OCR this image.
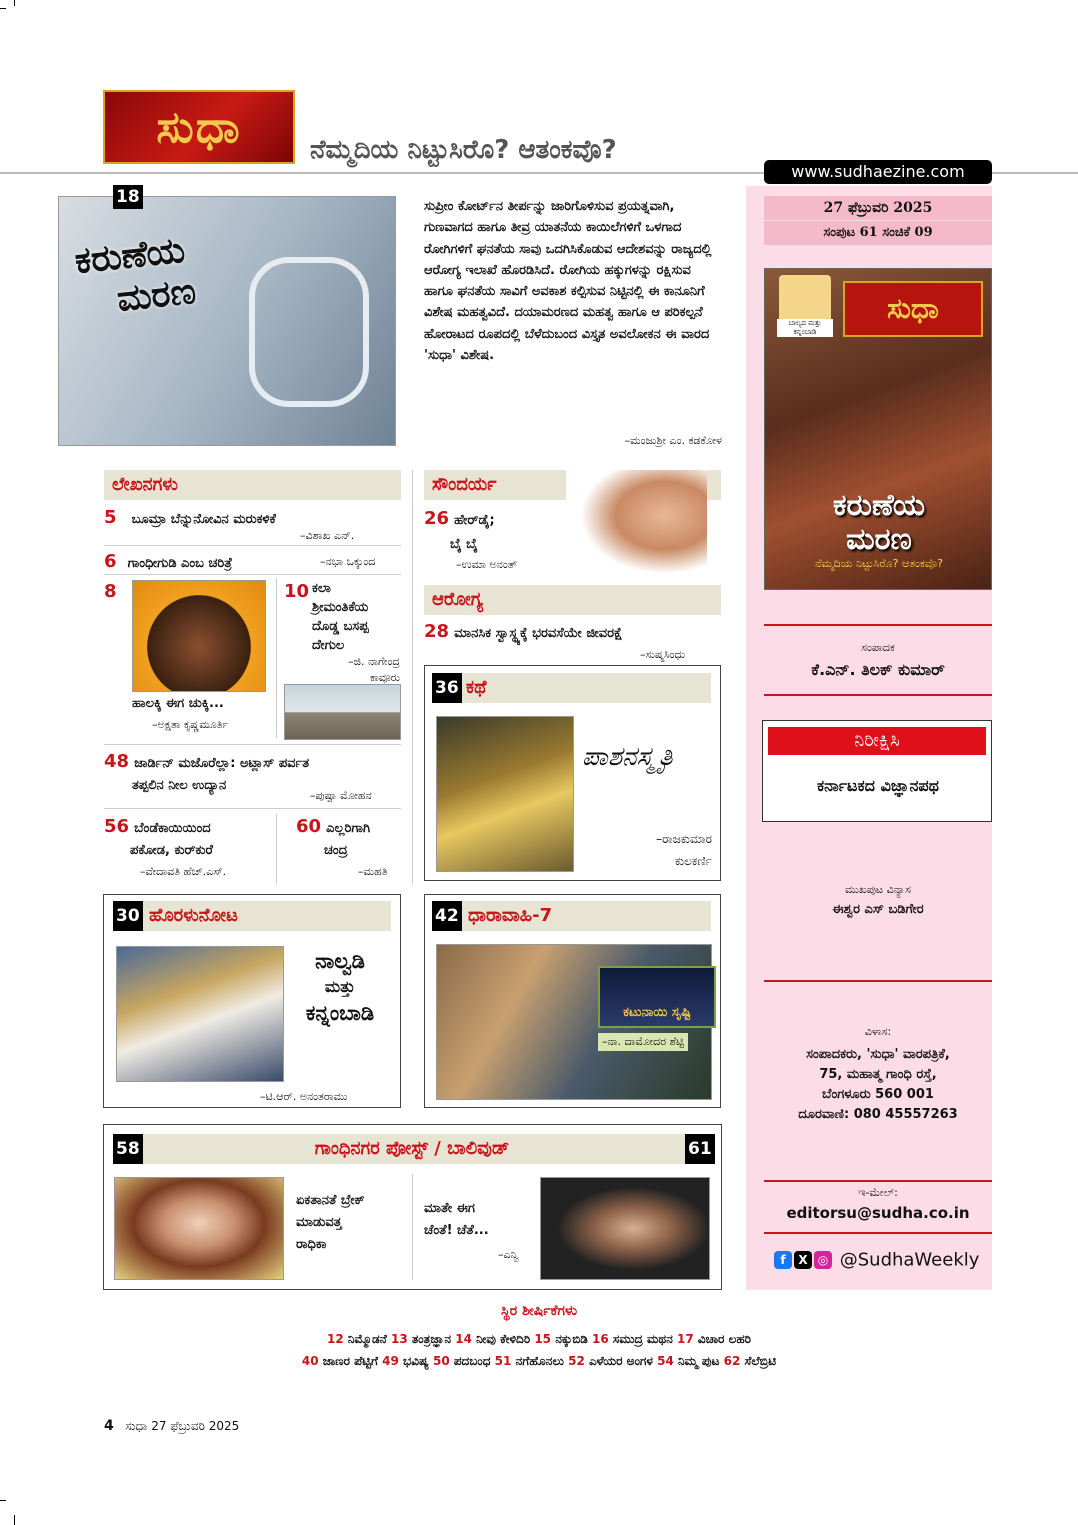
ಸುಧಾ	ನೆಮ್ಮದಿಯ ನಿಟ್ಟುಸಿರೊ? ಆತಂಕವೊ?
www.sudhaezine.com
27 ಫೆಬ್ರುವರಿ 2025
ಸಂಪುಟ 61 ಸಂಚಿಕೆ 09
ಬಾಲ್ಯದ ಮತ್ತು ಕನ್ನಂಬಾಡಿ
ಸುಧಾ
ಕರುಣೆಯ
ಮರಣ
ನೆಮ್ಮದಿಯ ನಿಟ್ಟುಸಿರೊ? ಆತಂಕವೊ?
ಸಂಪಾದಕ
ಕೆ.ಎನ್. ತಿಲಕ್ ಕುಮಾರ್
ನಿರೀಕ್ಷಿಸಿ
ಕರ್ನಾಟಕದ ವಿಜ್ಞಾನಪಥ
ಮುಖಪುಟ ವಿನ್ಯಾಸ
ಈಶ್ವರ ಎಸ್ ಬಡಿಗೇರ
ವಿಳಾಸ:
ಸಂಪಾದಕರು, 'ಸುಧಾ' ವಾರಪತ್ರಿಕೆ,
75, ಮಹಾತ್ಮ ಗಾಂಧಿ ರಸ್ತೆ,
ಬೆಂಗಳೂರು 560 001
ದೂರವಾಣಿ: 080 45557263
ಇ-ಮೇಲ್:
editorsu@sudha.co.in
f X ◎ @SudhaWeekly
ಕರುಣೆಯ
ಮರಣ
18	ಸುಪ್ರೀಂ ಕೋರ್ಟ್‌ನ ತೀರ್ಪನ್ನು ಜಾರಿಗೊಳಿಸುವ ಪ್ರಯತ್ನವಾಗಿ, ಗುಣವಾಗದ ಹಾಗೂ ತೀವ್ರ ಯಾತನೆಯ ಕಾಯಿಲೆಗಳಿಗೆ ಒಳಗಾದ ರೋಗಿಗಳಿಗೆ ಘನತೆಯ ಸಾವು ಒದಗಿಸಿಕೊಡುವ ಆದೇಶವನ್ನು ರಾಜ್ಯದಲ್ಲಿ ಆರೋಗ್ಯ ಇಲಾಖೆ ಹೊರಡಿಸಿದೆ. ರೋಗಿಯ ಹಕ್ಕುಗಳನ್ನು ರಕ್ಷಿಸುವ ಹಾಗೂ ಘನತೆಯ ಸಾವಿಗೆ ಅವಕಾಶ ಕಲ್ಪಿಸುವ ನಿಟ್ಟಿನಲ್ಲಿ ಈ ಕಾನೂನಿಗೆ ವಿಶೇಷ ಮಹತ್ವವಿದೆ. ದಯಾಮರಣದ ಮಹತ್ವ ಹಾಗೂ ಆ ಪರಿಕಲ್ಪನೆ ಹೋರಾಟದ ರೂಪದಲ್ಲಿ ಬೆಳೆದುಬಂದ ವಿಸ್ತೃತ ಅವಲೋಕನ ಈ ವಾರದ 'ಸುಧಾ' ವಿಶೇಷ.
–ಮಂಜುಶ್ರೀ ಎಂ. ಕಡಕೋಳ
ಲೇಖನಗಳು
5 ಬೂಮ್ರಾ ಬೆನ್ನುನೋವಿನ ಮರುಕಳಿಕೆ
–ವಿಶಾಖ ಎನ್.
6 ಗಾಂಧೀಗುಡಿ ಎಂಬ ಚರಿತ್ರೆ	–ನಭಾ ಒಕ್ಕುಂದ
8
ಹಾಲಕ್ಕಿ ಈಗ ಚುಕ್ಕಿ...
–ಅಕ್ಷತಾ ಕೃಷ್ಣಮೂರ್ತಿ
10 ಕಲಾ
ಶ್ರೀಮಂತಿಕೆಯ
ದೊಡ್ಡ ಬಸಪ್ಪ
ದೇಗುಲ
–ಜಿ. ನಾಗೇಂದ್ರ
ಕಾವೂರು
48 ಜಾರ್ಡಿನ್ ಮಜೊರೆಲ್ಲಾ: ಅಟ್ಲಾಸ್ ಪರ್ವತ
ತಪ್ಪಲಿನ ನೀಲ ಉದ್ಯಾನ
–ಪುಷ್ಪಾ ಮೋಹನ
56 ಬೆಂಡೆಕಾಯಿಯಿಂದ
ಪಕೋಡ, ಕುರ್‌ಕುರೆ
–ವೇದಾವತಿ ಹೆಚ್.ಎಸ್.
60 ಎಲ್ಲರಿಗಾಗಿ
ಚಂದ್ರ
–ಮಹತಿ
ಸೌಂದರ್ಯ
26 ಹೇರ್‌ಡೈ;
ಬೈ ಬೈ
–ಉಮಾ ಅನಂತ್
ಆರೋಗ್ಯ
28 ಮಾನಸಿಕ ಸ್ವಾಸ್ಥ್ಯಕ್ಕೆ ಭರವಸೆಯೇ ಜೀವರಕ್ಷೆ
–ಸುಷ್ಮಸಿಂಧು
ಕಥೆ
36
ಪಾಶನಸ್ಮೃತಿ
–ರಾಜಕುಮಾರ
ಕುಲಕರ್ಣಿ
ಹೊರಳುನೋಟ
30
ನಾಲ್ವಡಿ
ಮತ್ತು
ಕನ್ನಂಬಾಡಿ
–ಟಿ.ಆರ್. ಅನಂತರಾಮು
ಧಾರಾವಾಹಿ-7
42
ಕಟುನಾಯಿ ಸೃಷ್ಟಿ
–ನಾ. ದಾಮೋದರ ಶೆಟ್ಟಿ
ಗಾಂಧಿನಗರ ಪೋಸ್ಟ್ / ಬಾಲಿವುಡ್
58	61
ಏಕತಾನತೆ ಬ್ರೇಕ್
ಮಾಡುವತ್ತ
ರಾಧಿಕಾ
ಮಾತೇ ಈಗ
ಚೆಂತೆ! ಚೆತೆ...
–ಎನ್ವಿ
ಸ್ಥಿರ ಶೀರ್ಷಿಕೆಗಳು
12 ನಿಮ್ಮೊಡನೆ 13 ತಂತ್ರಜ್ಞಾನ 14 ನೀವು ಕೇಳಿದಿರಿ 15 ನಕ್ಕುಬಿಡಿ 16 ಸಮುದ್ರ ಮಥನ 17 ವಿಚಾರ ಲಹರಿ
40 ಜಾಣರ ಪೆಟ್ಟಿಗೆ 49 ಭವಿಷ್ಯ 50 ಪದಬಂಧ 51 ನಗೆಹೊನಲು 52 ಎಳೆಯರ ಅಂಗಳ 54 ನಿಮ್ಮ ಪುಟ 62 ಸೆಲೆಬ್ರಿಟಿ
4 ಸುಧಾ 27 ಫೆಬ್ರುವರಿ 2025
